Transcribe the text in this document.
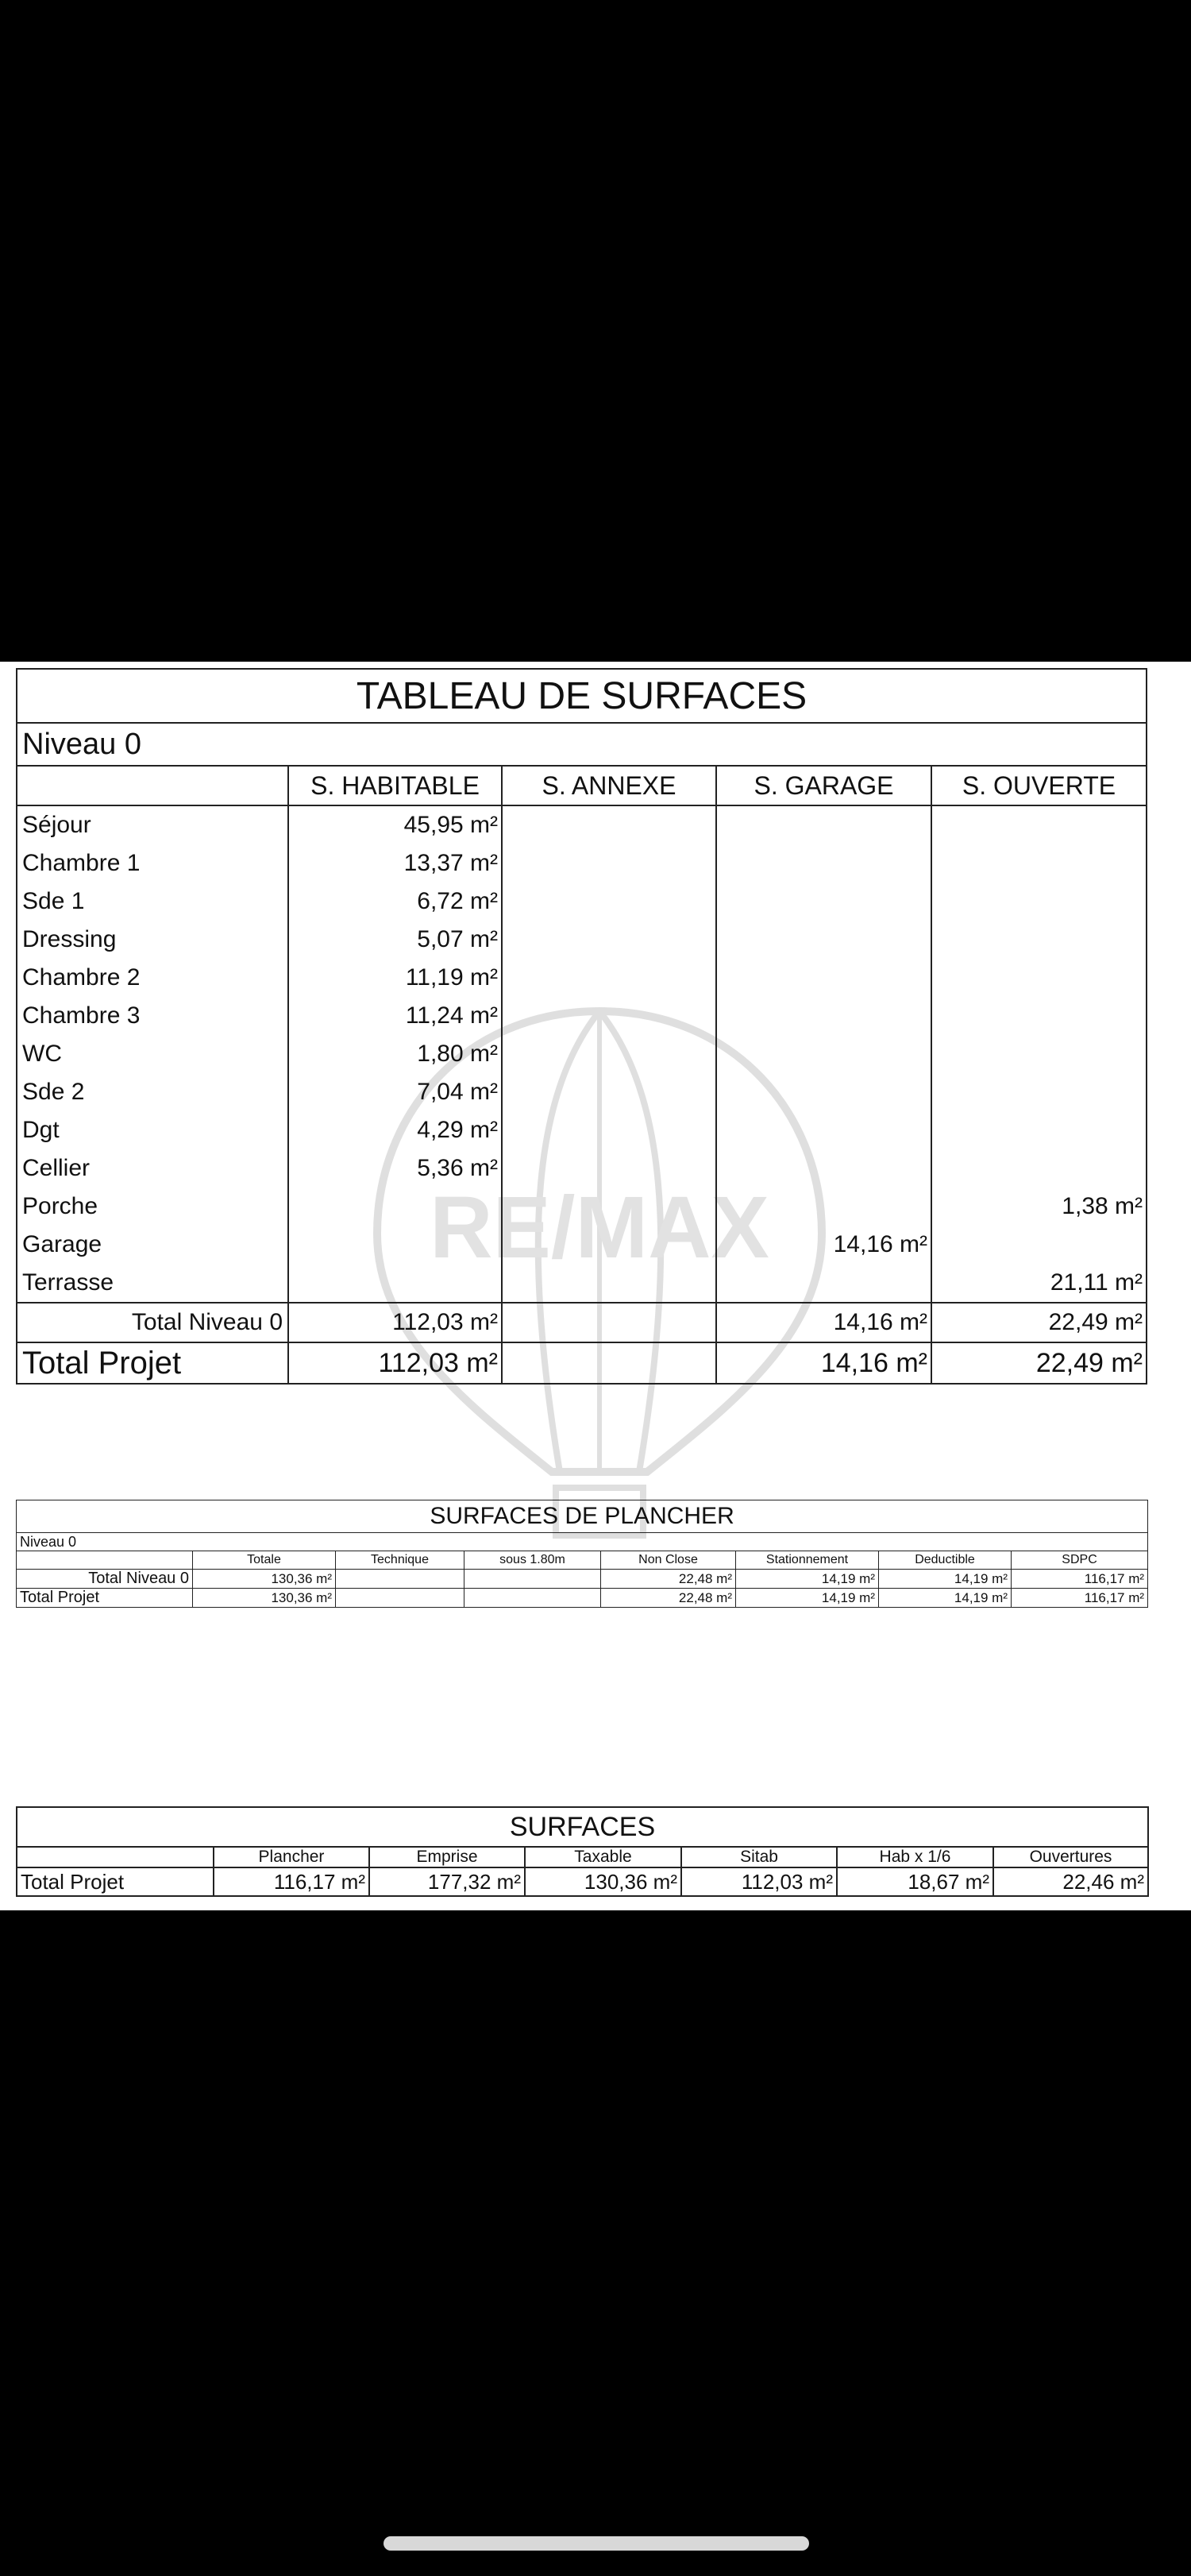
RE/MAX
TABLEAU DE SURFACES				
Niveau 0				
	S. HABITABLE	S. ANNEXE	S. GARAGE	S. OUVERTE
Séjour	45,95 m²			
Chambre 1	13,37 m²			
Sde 1	6,72 m²			
Dressing	5,07 m²			
Chambre 2	11,19 m²			
Chambre 3	11,24 m²			
WC	1,80 m²			
Sde 2	7,04 m²			
Dgt	4,29 m²			
Cellier	5,36 m²			
Porche				1,38 m²
Garage			14,16 m²	
Terrasse				21,11 m²
Total Niveau 0	112,03 m²		14,16 m²	22,49 m²
Total Projet	112,03 m²		14,16 m²	22,49 m²
SURFACES DE PLANCHER							
Niveau 0							
	Totale	Technique	sous 1.80m	Non Close	Stationnement	Deductible	SDPC
Total Niveau 0	130,36 m²			22,48 m²	14,19 m²	14,19 m²	116,17 m²
Total Projet	130,36 m²			22,48 m²	14,19 m²	14,19 m²	116,17 m²
SURFACES						
	Plancher	Emprise	Taxable	Sitab	Hab x 1/6	Ouvertures
Total Projet	116,17 m²	177,32 m²	130,36 m²	112,03 m²	18,67 m²	22,46 m²
